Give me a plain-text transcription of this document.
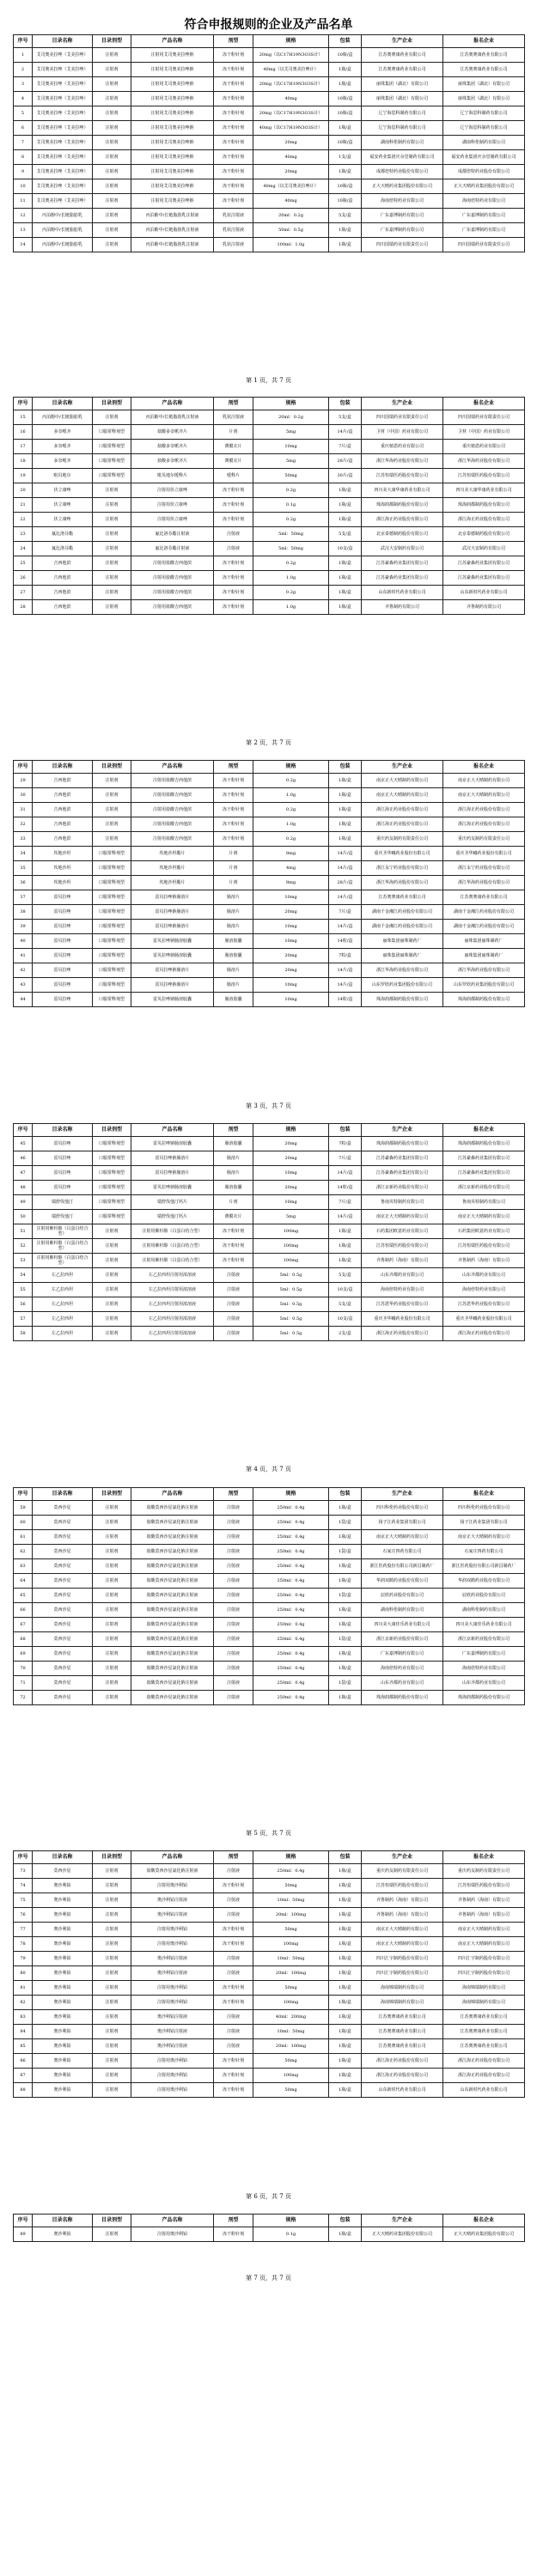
符合申报规则的企业及产品名单
序号	目录名称	目录剂型	产品名称	剂型	规格	包装	生产企业	报名企业
1	艾司奥美拉唑（艾美拉唑）	注射剂	注射用艾司奥美拉唑钠	冻干粉针剂	20mg（以C17H19N3O3S计）	10瓶/盒	江苏奥赛康药业有限公司	江苏奥赛康药业有限公司
2	艾司奥美拉唑（艾美拉唑）	注射剂	注射用艾司奥美拉唑钠	冻干粉针剂	40mg（以艾司奥美拉唑计）	1瓶/盒	江苏奥赛康药业有限公司	江苏奥赛康药业有限公司
3	艾司奥美拉唑（艾美拉唑）	注射剂	注射用艾司奥美拉唑钠	冻干粉针剂	20mg（以C17H19N3O3S计）	1瓶/盒	丽珠集团（湖北）有限公司	丽珠集团（湖北）有限公司
4	艾司奥美拉唑（艾美拉唑）	注射剂	注射用艾司奥美拉唑钠	冻干粉针剂	40mg	10瓶/盒	丽珠集团（湖北）有限公司	丽珠集团（湖北）有限公司
5	艾司奥美拉唑（艾美拉唑）	注射剂	注射用艾司奥美拉唑钠	冻干粉针剂	20mg（以C17H19N3O3S计）	10瓶/盒	辽宁海思科制药有限公司	辽宁海思科制药有限公司
6	艾司奥美拉唑（艾美拉唑）	注射剂	注射用艾司奥美拉唑钠	冻干粉针剂	40mg（以C17H19N3O3S计）	1瓶/盒	辽宁海思科制药有限公司	辽宁海思科制药有限公司
7	艾司奥美拉唑（艾美拉唑）	注射剂	注射用艾司奥美拉唑钠	冻干粉针剂	20mg	10瓶/盒	湖南科伦制药有限公司	湖南科伦制药有限公司
8	艾司奥美拉唑（艾美拉唑）	注射剂	注射用艾司奥美拉唑钠	冻干粉针剂	40mg	1支/盒	福安药业集团庆余堂制药有限公司	福安药业集团庆余堂制药有限公司
9	艾司奥美拉唑（艾美拉唑）	注射剂	注射用艾司奥美拉唑钠	冻干粉针剂	20mg	1瓶/盒	成都倍特药业股份有限公司	成都倍特药业股份有限公司
10	艾司奥美拉唑（艾美拉唑）	注射剂	注射用艾司奥美拉唑钠	冻干粉针剂	40mg（以艾司奥美拉唑计）	10瓶/盒	正大天晴药业集团股份有限公司	正大天晴药业集团股份有限公司
11	艾司奥美拉唑（艾美拉唑）	注射剂	注射用艾司奥美拉唑钠	冻干粉针剂	40mg	10瓶/盒	海南倍特药业有限公司	海南倍特药业有限公司
12	丙泊酚中/长链脂肪乳	注射剂	丙泊酚中/长链脂肪乳注射液	乳状注射液	20ml：0.2g	5支/盒	广东嘉博制药有限公司	广东嘉博制药有限公司
13	丙泊酚中/长链脂肪乳	注射剂	丙泊酚中/长链脂肪乳注射液	乳状注射液	50ml：0.5g	1瓶/盒	广东嘉博制药有限公司	广东嘉博制药有限公司
14	丙泊酚中/长链脂肪乳	注射剂	丙泊酚中/长链脂肪乳注射液	乳状注射液	100ml：1.0g	1瓶/盒	四川国瑞药业有限责任公司	四川国瑞药业有限责任公司
第 1 页，共 7 页
序号	目录名称	目录剂型	产品名称	剂型	规格	包装	生产企业	报名企业
15	丙泊酚中/长链脂肪乳	注射剂	丙泊酚中/长链脂肪乳注射液	乳状注射液	20ml：0.2g	5支/盒	四川国瑞药业有限责任公司	四川国瑞药业有限责任公司
16	多奈哌齐	口服常释剂型	盐酸多奈哌齐片	片剂	5mg	14片/盒	卫材（中国）药业有限公司	卫材（中国）药业有限公司
17	多奈哌齐	口服常释剂型	盐酸多奈哌齐片	薄膜衣片	10mg	7片/盒	重庆植恩药业有限公司	重庆植恩药业有限公司
18	多奈哌齐	口服常释剂型	盐酸多奈哌齐片	薄膜衣片	5mg	28片/盒	浙江华海药业股份有限公司	浙江华海药业股份有限公司
19	吡贝地尔	口服常释剂型	吡贝地尔缓释片	缓释片	50mg	30片/盒	江苏恒瑞医药股份有限公司	江苏恒瑞医药股份有限公司
20	伏立康唑	注射剂	注射用伏立康唑	冻干粉针剂	0.2g	1瓶/盒	四川美大康华康药业有限公司	四川美大康华康药业有限公司
21	伏立康唑	注射剂	注射用伏立康唑	冻干粉针剂	0.1g	1瓶/盒	珠海润都制药股份有限公司	珠海润都制药股份有限公司
22	伏立康唑	注射剂	注射用伏立康唑	冻干粉针剂	0.2g	1瓶/盒	浙江海正药业股份有限公司	浙江海正药业股份有限公司
23	氟比洛芬酯	注射剂	氟比洛芬酯注射液	注射液	5ml：50mg	5支/盒	北京泰德制药股份有限公司	北京泰德制药股份有限公司
24	氟比洛芬酯	注射剂	氟比洛芬酯注射液	注射液	5ml：50mg	10支/盒	武汉大安制药有限公司	武汉大安制药有限公司
25	吉西他滨	注射剂	注射用盐酸吉西他滨	冻干粉针剂	0.2g	1瓶/盒	江苏豪森药业集团有限公司	江苏豪森药业集团有限公司
26	吉西他滨	注射剂	注射用盐酸吉西他滨	冻干粉针剂	1.0g	1瓶/盒	江苏豪森药业集团有限公司	江苏豪森药业集团有限公司
27	吉西他滨	注射剂	注射用盐酸吉西他滨	冻干粉针剂	0.2g	1瓶/盒	山东新时代药业有限公司	山东新时代药业有限公司
28	吉西他滨	注射剂	注射用盐酸吉西他滨	冻干粉针剂	1.0g	1瓶/盒	齐鲁制药有限公司	齐鲁制药有限公司
第 2 页，共 7 页
序号	目录名称	目录剂型	产品名称	剂型	规格	包装	生产企业	报名企业
29	吉西他滨	注射剂	注射用盐酸吉西他滨	冻干粉针剂	0.2g	1瓶/盒	南京正大天晴制药有限公司	南京正大天晴制药有限公司
30	吉西他滨	注射剂	注射用盐酸吉西他滨	冻干粉针剂	1.0g	1瓶/盒	南京正大天晴制药有限公司	南京正大天晴制药有限公司
31	吉西他滨	注射剂	注射用盐酸吉西他滨	冻干粉针剂	0.2g	1瓶/盒	浙江海正药业股份有限公司	浙江海正药业股份有限公司
32	吉西他滨	注射剂	注射用盐酸吉西他滨	冻干粉针剂	1.0g	1瓶/盒	浙江海正药业股份有限公司	浙江海正药业股份有限公司
33	吉西他滨	注射剂	注射用盐酸吉西他滨	冻干粉针剂	0.2g	1瓶/盒	重庆药友制药有限责任公司	重庆药友制药有限责任公司
34	坎地沙坦	口服常释剂型	坎地沙坦酯片	片剂	8mg	14片/盒	重庆圣华曦药业股份有限公司	重庆圣华曦药业股份有限公司
35	坎地沙坦	口服常释剂型	坎地沙坦酯片	片剂	4mg	14片/盒	浙江永宁药业股份有限公司	浙江永宁药业股份有限公司
36	坎地沙坦	口服常释剂型	坎地沙坦酯片	片剂	8mg	28片/盒	浙江华海药业股份有限公司	浙江华海药业股份有限公司
37	雷贝拉唑	口服常释剂型	雷贝拉唑钠肠溶片	肠溶片	10mg	14片/盒	江苏奥赛康药业有限公司	江苏奥赛康药业有限公司
38	雷贝拉唑	口服常释剂型	雷贝拉唑钠肠溶片	肠溶片	20mg	7片/盒	湖南千金湘江药业股份有限公司	湖南千金湘江药业股份有限公司
39	雷贝拉唑	口服常释剂型	雷贝拉唑钠肠溶片	肠溶片	10mg	14片/盒	湖南千金湘江药业股份有限公司	湖南千金湘江药业股份有限公司
40	雷贝拉唑	口服常释剂型	雷贝拉唑钠肠溶胶囊	肠溶胶囊	10mg	14粒/盒	丽珠集团丽珠制药厂	丽珠集团丽珠制药厂
41	雷贝拉唑	口服常释剂型	雷贝拉唑钠肠溶胶囊	肠溶胶囊	20mg	7粒/盒	丽珠集团丽珠制药厂	丽珠集团丽珠制药厂
42	雷贝拉唑	口服常释剂型	雷贝拉唑钠肠溶片	肠溶片	20mg	14片/盒	浙江华海药业股份有限公司	浙江华海药业股份有限公司
43	雷贝拉唑	口服常释剂型	雷贝拉唑钠肠溶片	肠溶片	10mg	14片/盒	山东罗欣药业集团股份有限公司	山东罗欣药业集团股份有限公司
44	雷贝拉唑	口服常释剂型	雷贝拉唑钠肠溶胶囊	肠溶胶囊	10mg	14粒/盒	珠海润都制药股份有限公司	珠海润都制药股份有限公司
第 3 页，共 7 页
序号	目录名称	目录剂型	产品名称	剂型	规格	包装	生产企业	报名企业
45	雷贝拉唑	口服常释剂型	雷贝拉唑钠肠溶胶囊	肠溶胶囊	20mg	7粒/盒	珠海润都制药股份有限公司	珠海润都制药股份有限公司
46	雷贝拉唑	口服常释剂型	雷贝拉唑钠肠溶片	肠溶片	20mg	7片/盒	江苏豪森药业集团有限公司	江苏豪森药业集团有限公司
47	雷贝拉唑	口服常释剂型	雷贝拉唑钠肠溶片	肠溶片	10mg	14片/盒	江苏豪森药业集团有限公司	江苏豪森药业集团有限公司
48	雷贝拉唑	口服常释剂型	雷贝拉唑钠肠溶胶囊	肠溶胶囊	20mg	14粒/盒	浙江京新药业股份有限公司	浙江京新药业股份有限公司
49	瑞舒伐他汀	口服常释剂型	瑞舒伐他汀钙片	片剂	10mg	7片/盒	鲁南贝特制药有限公司	鲁南贝特制药有限公司
50	瑞舒伐他汀	口服常释剂型	瑞舒伐他汀钙片	薄膜衣片	5mg	14片/盒	南京正大天晴制药有限公司	南京正大天晴制药有限公司
51	注射用紫杉醇（白蛋白结合型）	注射剂	注射用紫杉醇（白蛋白结合型）	冻干粉针剂	100mg	1瓶/盒	石药集团欧意药业有限公司	石药集团欧意药业有限公司
52	注射用紫杉醇（白蛋白结合型）	注射剂	注射用紫杉醇（白蛋白结合型）	冻干粉针剂	100mg	1瓶/盒	江苏恒瑞医药股份有限公司	江苏恒瑞医药股份有限公司
53	注射用紫杉醇（白蛋白结合型）	注射剂	注射用紫杉醇（白蛋白结合型）	冻干粉针剂	100mg	1瓶/盒	齐鲁制药（海南）有限公司	齐鲁制药（海南）有限公司
54	左乙拉西坦	注射剂	左乙拉西坦注射用浓溶液	注射液	5ml：0.5g	5支/盒	山东齐都药业有限公司	山东齐都药业有限公司
55	左乙拉西坦	注射剂	左乙拉西坦注射用浓溶液	注射液	5ml：0.5g	10支/盒	海南倍特药业有限公司	海南倍特药业有限公司
56	左乙拉西坦	注射剂	左乙拉西坦注射用浓溶液	注射液	5ml：0.5g	5支/盒	江苏恩华药业股份有限公司	江苏恩华药业股份有限公司
57	左乙拉西坦	注射剂	左乙拉西坦注射用浓溶液	注射液	5ml：0.5g	10支/盒	重庆圣华曦药业股份有限公司	重庆圣华曦药业股份有限公司
58	左乙拉西坦	注射剂	左乙拉西坦注射用浓溶液	注射液	5ml：0.5g	2支/盒	浙江海正药业股份有限公司	浙江海正药业股份有限公司
第 4 页，共 7 页
序号	目录名称	目录剂型	产品名称	剂型	规格	包装	生产企业	报名企业
59	莫西沙星	注射剂	盐酸莫西沙星氯化钠注射液	注射液	250ml：0.4g	1瓶/盒	四川科伦药业股份有限公司	四川科伦药业股份有限公司
60	莫西沙星	注射剂	盐酸莫西沙星氯化钠注射液	注射液	250ml：0.4g	1袋/盒	扬子江药业集团有限公司	扬子江药业集团有限公司
61	莫西沙星	注射剂	盐酸莫西沙星氯化钠注射液	注射液	250ml：0.4g	1瓶/盒	南京正大天晴制药有限公司	南京正大天晴制药有限公司
62	莫西沙星	注射剂	盐酸莫西沙星氯化钠注射液	注射液	250ml：0.4g	1袋/盒	石家庄四药有限公司	石家庄四药有限公司
63	莫西沙星	注射剂	盐酸莫西沙星氯化钠注射液	注射液	250ml：0.4g	1瓶/盒	浙江医药股份有限公司新昌制药厂	浙江医药股份有限公司新昌制药厂
64	莫西沙星	注射剂	盐酸莫西沙星氯化钠注射液	注射液	250ml：0.4g	1瓶/盒	华润双鹤药业股份有限公司	华润双鹤药业股份有限公司
65	莫西沙星	注射剂	盐酸莫西沙星氯化钠注射液	注射液	250ml：0.4g	1袋/盒	辰欣药业股份有限公司	辰欣药业股份有限公司
66	莫西沙星	注射剂	盐酸莫西沙星氯化钠注射液	注射液	250ml：0.4g	1瓶/盒	湖南科伦制药有限公司	湖南科伦制药有限公司
67	莫西沙星	注射剂	盐酸莫西沙星氯化钠注射液	注射液	250ml：0.4g	1瓶/盒	四川美大康佳乐药业有限公司	四川美大康佳乐药业有限公司
68	莫西沙星	注射剂	盐酸莫西沙星氯化钠注射液	注射液	250ml：0.4g	1袋/盒	浙江京新药业股份有限公司	浙江京新药业股份有限公司
69	莫西沙星	注射剂	盐酸莫西沙星氯化钠注射液	注射液	250ml：0.4g	1瓶/盒	广东嘉博制药有限公司	广东嘉博制药有限公司
70	莫西沙星	注射剂	盐酸莫西沙星氯化钠注射液	注射液	250ml：0.4g	1瓶/盒	海南倍特药业有限公司	海南倍特药业有限公司
71	莫西沙星	注射剂	盐酸莫西沙星氯化钠注射液	注射液	250ml：0.4g	1袋/盒	山东齐都药业有限公司	山东齐都药业有限公司
72	莫西沙星	注射剂	盐酸莫西沙星氯化钠注射液	注射液	250ml：0.4g	1瓶/盒	珠海润都制药股份有限公司	珠海润都制药股份有限公司
第 5 页，共 7 页
序号	目录名称	目录剂型	产品名称	剂型	规格	包装	生产企业	报名企业
73	莫西沙星	注射剂	盐酸莫西沙星氯化钠注射液	注射液	250ml：0.4g	1瓶/盒	重庆药友制药有限责任公司	重庆药友制药有限责任公司
74	奥沙利铂	注射剂	注射用奥沙利铂	冻干粉针剂	50mg	1瓶/盒	江苏恒瑞医药股份有限公司	江苏恒瑞医药股份有限公司
75	奥沙利铂	注射剂	奥沙利铂注射液	注射液	10ml：50mg	1瓶/盒	齐鲁制药（海南）有限公司	齐鲁制药（海南）有限公司
76	奥沙利铂	注射剂	奥沙利铂注射液	注射液	20ml：100mg	1瓶/盒	齐鲁制药（海南）有限公司	齐鲁制药（海南）有限公司
77	奥沙利铂	注射剂	注射用奥沙利铂	冻干粉针剂	50mg	1瓶/盒	南京正大天晴制药有限公司	南京正大天晴制药有限公司
78	奥沙利铂	注射剂	注射用奥沙利铂	冻干粉针剂	100mg	1瓶/盒	南京正大天晴制药有限公司	南京正大天晴制药有限公司
79	奥沙利铂	注射剂	奥沙利铂注射液	注射液	10ml：50mg	1瓶/盒	四川汇宇制药股份有限公司	四川汇宇制药股份有限公司
80	奥沙利铂	注射剂	奥沙利铂注射液	注射液	20ml：100mg	1瓶/盒	四川汇宇制药股份有限公司	四川汇宇制药股份有限公司
81	奥沙利铂	注射剂	注射用奥沙利铂	冻干粉针剂	50mg	1瓶/盒	海南锦瑞制药有限公司	海南锦瑞制药有限公司
82	奥沙利铂	注射剂	注射用奥沙利铂	冻干粉针剂	100mg	1瓶/盒	海南锦瑞制药有限公司	海南锦瑞制药有限公司
83	奥沙利铂	注射剂	奥沙利铂注射液	注射液	40ml：200mg	1瓶/盒	江苏奥赛康药业有限公司	江苏奥赛康药业有限公司
84	奥沙利铂	注射剂	奥沙利铂注射液	注射液	10ml：50mg	1瓶/盒	江苏奥赛康药业有限公司	江苏奥赛康药业有限公司
85	奥沙利铂	注射剂	奥沙利铂注射液	注射液	20ml：100mg	1瓶/盒	江苏奥赛康药业有限公司	江苏奥赛康药业有限公司
86	奥沙利铂	注射剂	注射用奥沙利铂	冻干粉针剂	50mg	1瓶/盒	浙江海正药业股份有限公司	浙江海正药业股份有限公司
87	奥沙利铂	注射剂	注射用奥沙利铂	冻干粉针剂	100mg	1瓶/盒	浙江海正药业股份有限公司	浙江海正药业股份有限公司
88	奥沙利铂	注射剂	注射用奥沙利铂	冻干粉针剂	50mg	1瓶/盒	山东新时代药业有限公司	山东新时代药业有限公司
第 6 页，共 7 页
序号	目录名称	目录剂型	产品名称	剂型	规格	包装	生产企业	报名企业
89	奥沙利铂	注射剂	注射用奥沙利铂	冻干粉针剂	0.1g	1瓶/盒	正大天晴药业集团股份有限公司	正大天晴药业集团股份有限公司
第 7 页，共 7 页
